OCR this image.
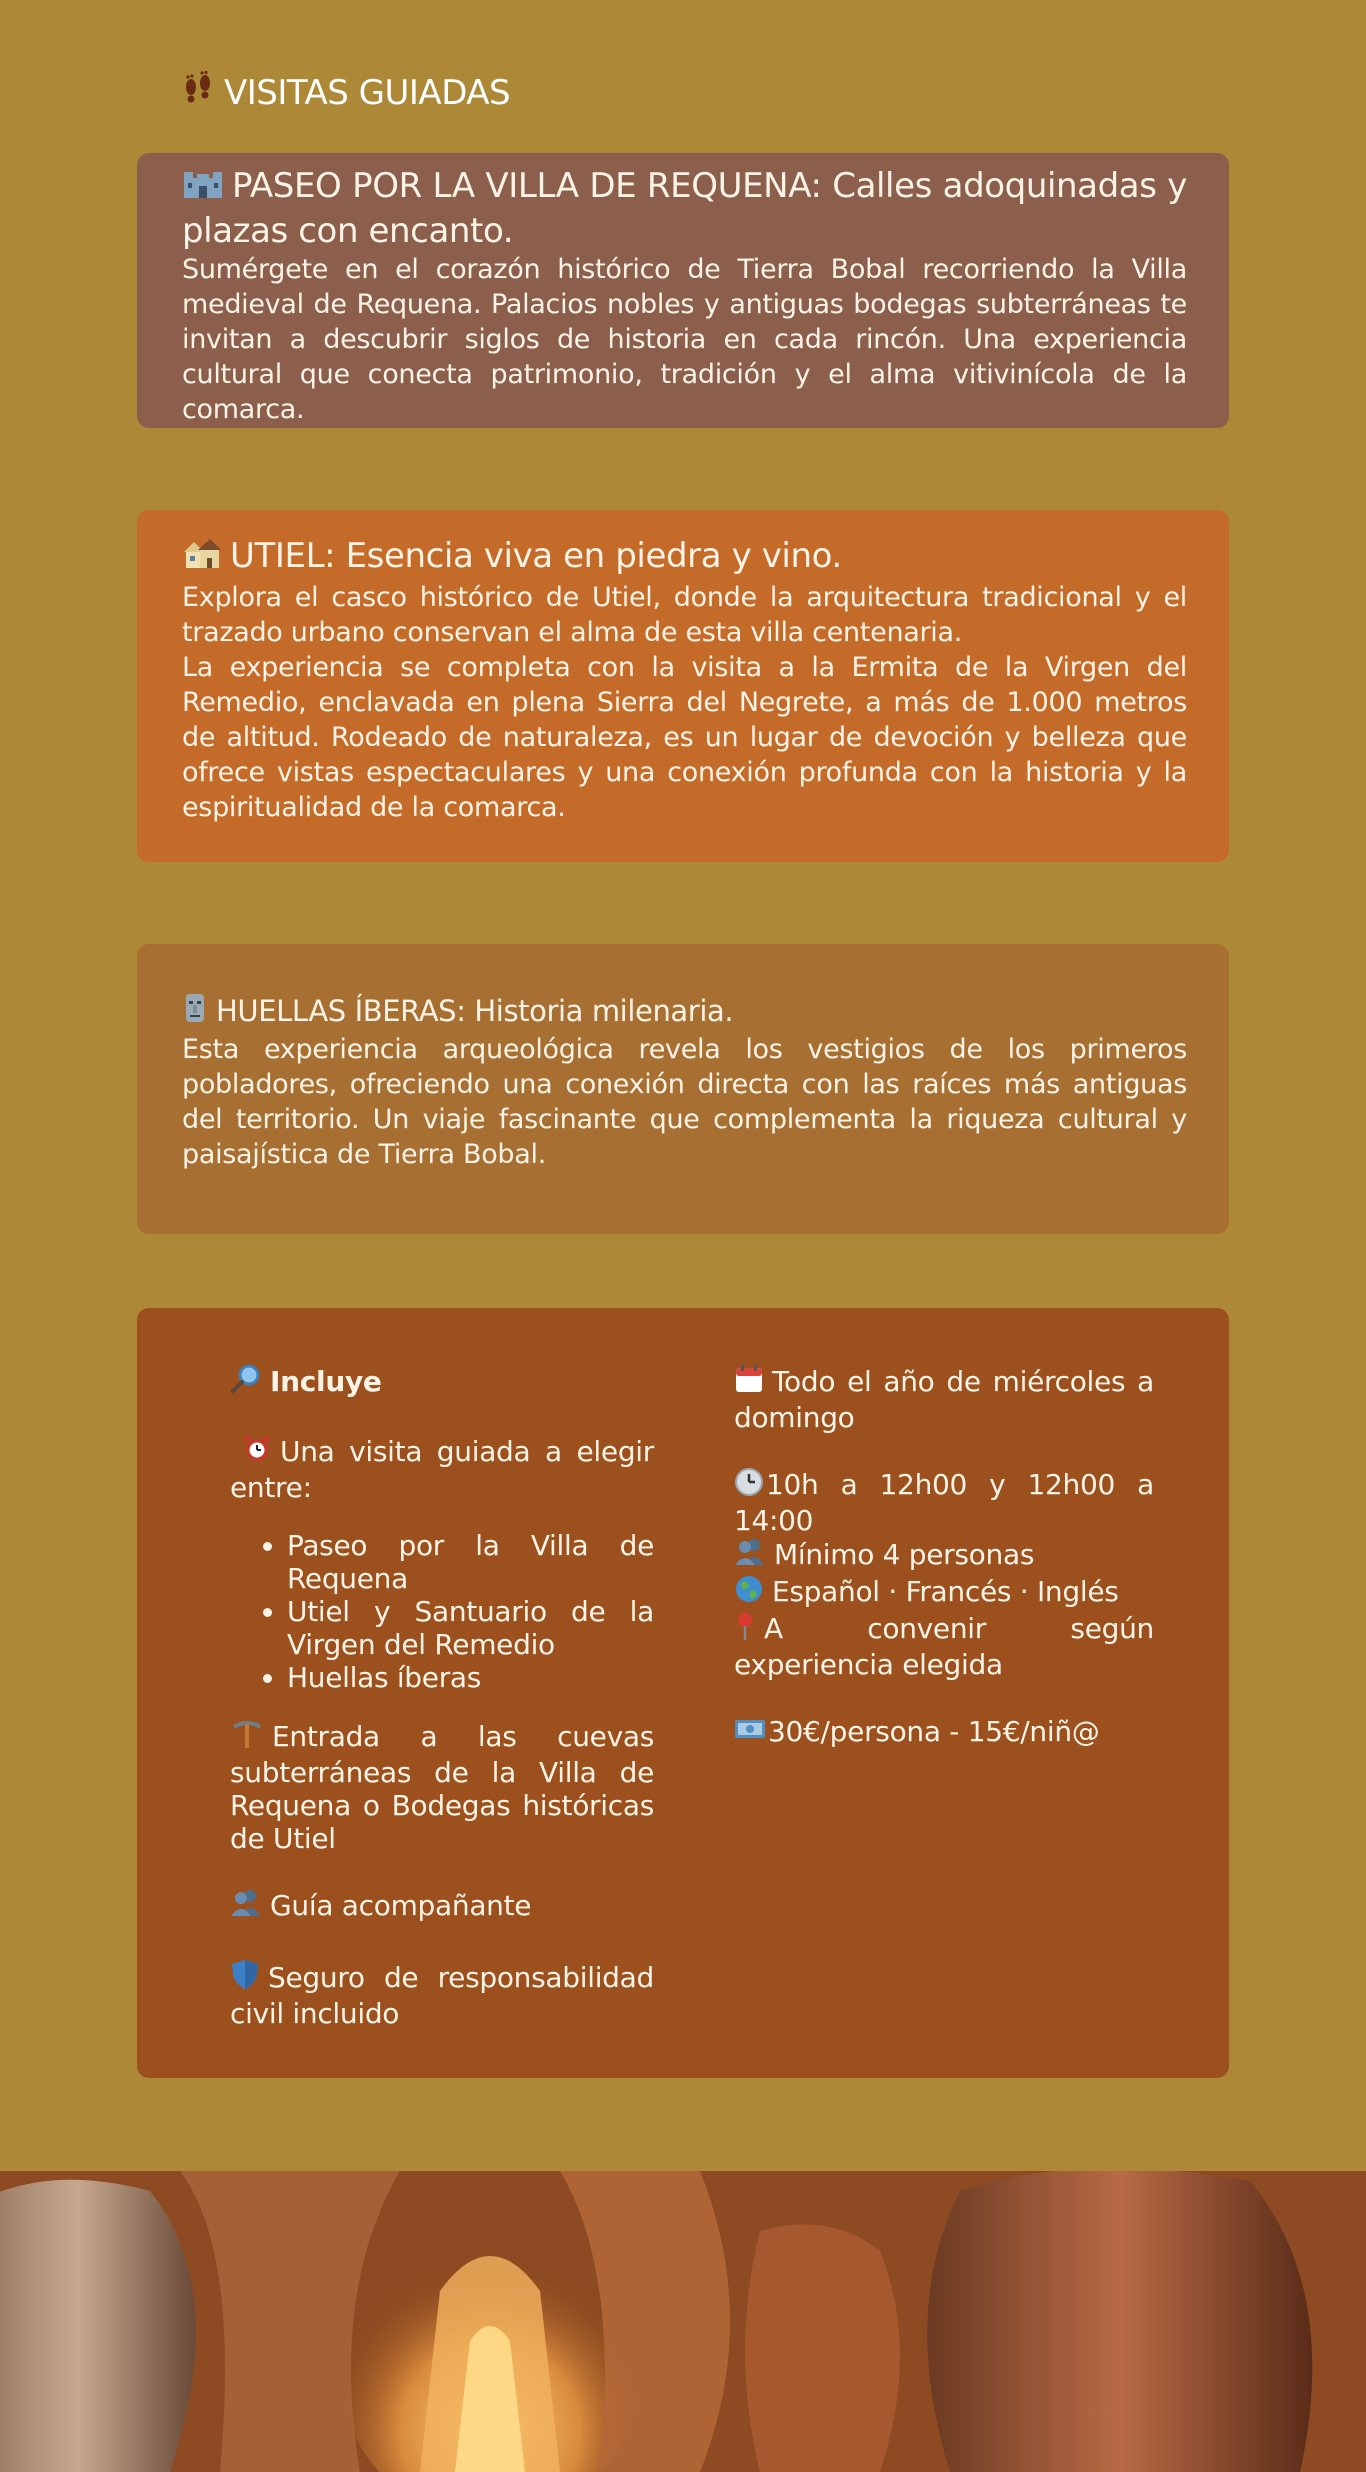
VISITAS GUIADAS
PASEO POR LA VILLA DE REQUENA: Calles adoquinadas y plazas con encanto.

Sumérgete en el corazón histórico de Tierra Bobal recorriendo la Villa medieval de Requena. Palacios nobles y antiguas bodegas subterráneas te invitan a descubrir siglos de historia en cada rincón. Una experiencia cultural que conecta patrimonio, tradición y el alma vitivinícola de la comarca.

UTIEL: Esencia viva en piedra y vino.

Explora el casco histórico de Utiel, donde la arquitectura tradicional y el trazado urbano conservan el alma de esta villa centenaria.

La experiencia se completa con la visita a la Ermita de la Virgen del Remedio, enclavada en plena Sierra del Negrete, a más de 1.000 metros de altitud. Rodeado de naturaleza, es un lugar de devoción y belleza que ofrece vistas espectaculares y una conexión profunda con la historia y la espiritualidad de la comarca.

HUELLAS ÍBERAS: Historia milenaria.

Esta experiencia arqueológica revela los vestigios de los primeros pobladores, ofreciendo una conexión directa con las raíces más antiguas del territorio. Un viaje fascinante que complementa la riqueza cultural y paisajística de Tierra Bobal.

Incluye

Una visita guiada a elegir entre:

• Paseo por la Villa de Requena
• Utiel y Santuario de la Virgen del Remedio
• Huellas íberas

Entrada a las cuevas subterráneas de la Villa de Requena o Bodegas históricas de Utiel

Guía acompañante

Seguro de responsabilidad civil incluido

Todo el año de miércoles a domingo

10h a 12h00 y 12h00 a 14:00

Mínimo 4 personas

Español · Francés · Inglés

A convenir según experiencia elegida

30€/persona - 15€/niñ@
